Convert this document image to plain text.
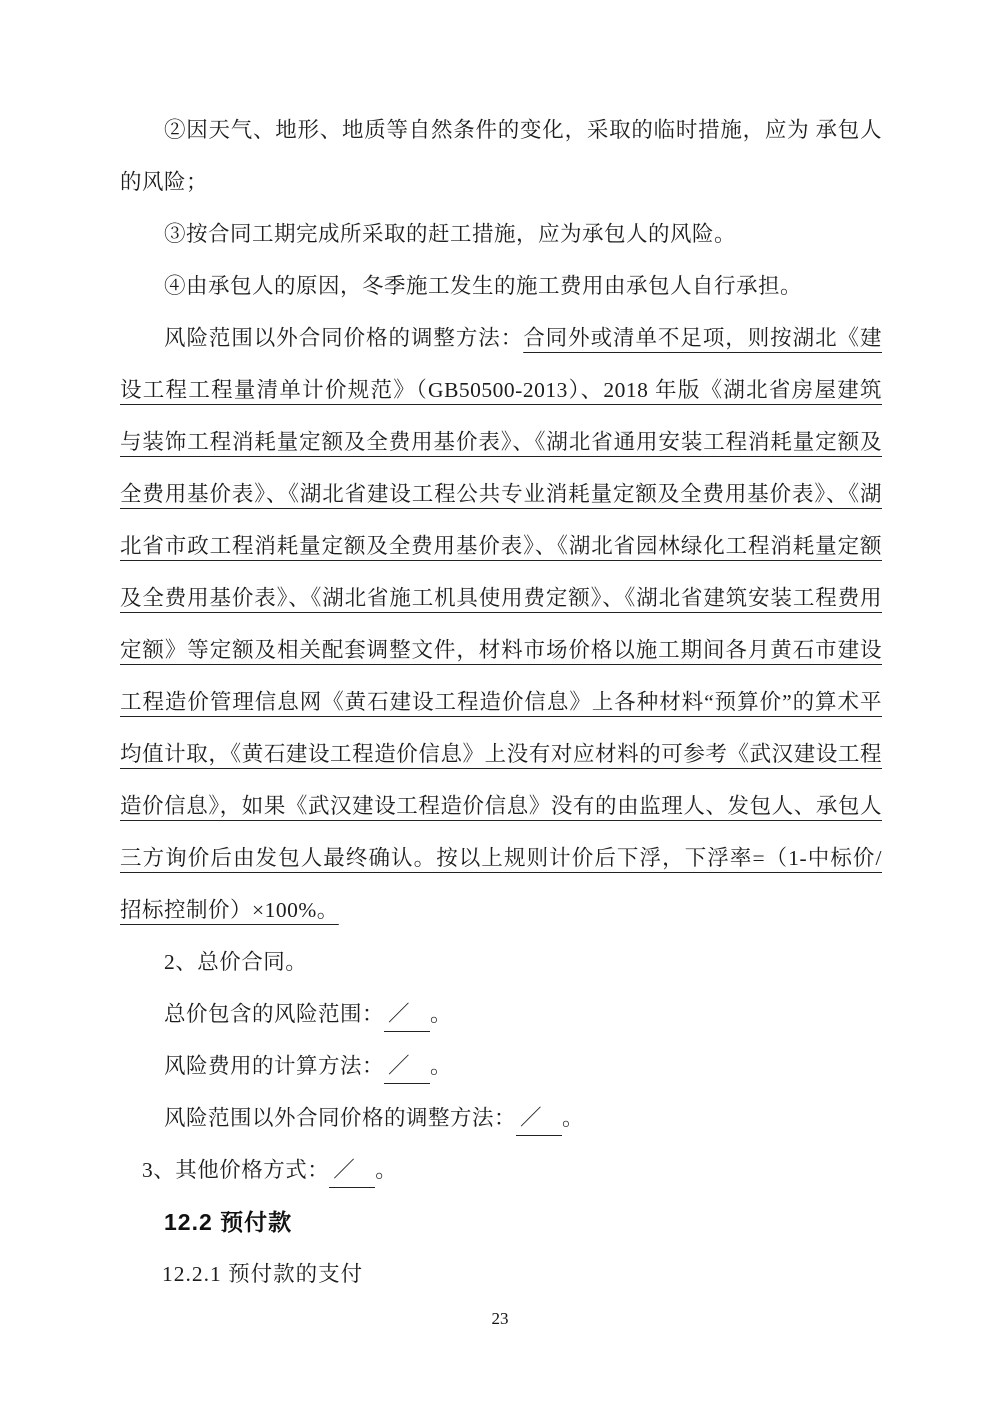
②因天气、地形、地质等自然条件的变化，采取的临时措施，应为 承包人的风险；

③按合同工期完成所采取的赶工措施，应为承包人的风险。

④由承包人的原因，冬季施工发生的施工费用由承包人自行承担。

风险范围以外合同价格的调整方法：合同外或清单不足项，则按湖北《建设工程工程量清单计价规范》（GB50500-2013）、2018 年版《湖北省房屋建筑与装饰工程消耗量定额及全费用基价表》、《湖北省通用安装工程消耗量定额及全费用基价表》、《湖北省建设工程公共专业消耗量定额及全费用基价表》、《湖北省市政工程消耗量定额及全费用基价表》、《湖北省园林绿化工程消耗量定额及全费用基价表》、《湖北省施工机具使用费定额》、《湖北省建筑安装工程费用定额》等定额及相关配套调整文件，材料市场价格以施工期间各月黄石市建设工程造价管理信息网《黄石建设工程造价信息》上各种材料“预算价”的算术平均值计取，《黄石建设工程造价信息》上没有对应材料的可参考《武汉建设工程造价信息》，如果《武汉建设工程造价信息》没有的由监理人、发包人、承包人三方询价后由发包人最终确认。按以上规则计价后下浮，下浮率=（1-中标价/招标控制价）×100%。

2、总价合同。

总价包含的风险范围： ／ 。

风险费用的计算方法： ／ 。

风险范围以外合同价格的调整方法： ／ 。

3、其他价格方式： ／ 。

12.2 预付款

12.2.1 预付款的支付

23
